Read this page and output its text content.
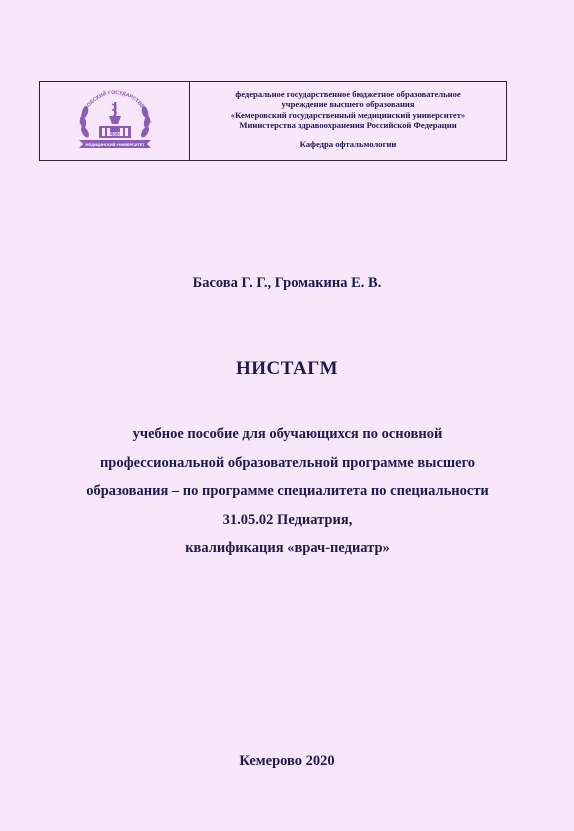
КЕМЕРОВСКИЙ ГОСУДАРСТВЕННЫЙ
1955
МЕДИЦИНСКИЙ УНИВЕРСИТЕТ
федеральное государственное бюджетное образовательное
учреждение высшего образования
«Кемеровский государственный медицинский университет»
Министерства здравоохранения Российской Федерации
Кафедра офтальмологии
Басова Г. Г., Громакина Е. В.
НИСТАГМ
учебное пособие для обучающихся по основной
профессиональной образовательной программе высшего
образования – по программе специалитета по специальности
31.05.02 Педиатрия,
квалификация «врач-педиатр»
Кемерово 2020
